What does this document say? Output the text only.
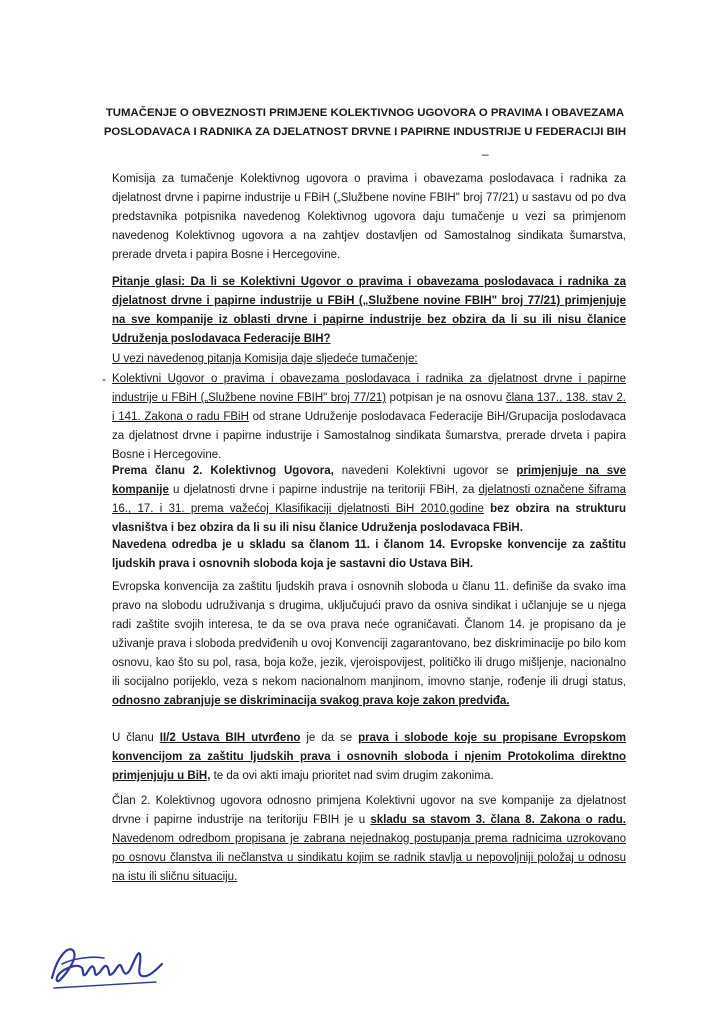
TUMAČENJE O OBVEZNOSTI PRIMJENE KOLEKTIVNOG UGOVORA O PRAVIMA I OBAVEZAMA POSLODAVACA I RADNIKA ZA DJELATNOST DRVNE I PAPIRNE INDUSTRIJE U FEDERACIJI BIH
–

Komisija za tumačenje Kolektivnog ugovora o pravima i obavezama poslodavaca i radnika za djelatnost drvne i papirne industrije u FBiH („Službene novine FBIH" broj 77/21) u sastavu od po dva predstavnika potpisnika navedenog Kolektivnog ugovora daju tumačenje u vezi sa primjenom navedenog Kolektivnog ugovora a na zahtjev dostavljen od Samostalnog sindikata šumarstva, prerade drveta i papira Bosne i Hercegovine.

Pitanje glasi: Da li se Kolektivni Ugovor o pravima i obavezama poslodavaca i radnika za djelatnost drvne i papirne industrije u FBiH („Službene novine FBIH" broj 77/21) primjenjuje na sve kompanije iz oblasti drvne i papirne industrije bez obzira da li su ili nisu članice Udruženja poslodavaca Federacije BIH?

U vezi navedenog pitanja Komisija daje sljedeće tumačenje:

- Kolektivni Ugovor o pravima i obavezama poslodavaca i radnika za djelatnost drvne i papirne industrije u FBiH („Službene novine FBIH" broj 77/21) potpisan je na osnovu člana 137., 138. stav 2. i 141. Zakona o radu FBiH od strane Udruženje poslodavaca Federacije BiH/Grupacija poslodavaca za djelatnost drvne i papirne industrije i Samostalnog sindikata šumarstva, prerade drveta i papira Bosne i Hercegovine.

Prema članu 2. Kolektivnog Ugovora, navedeni Kolektivni ugovor se primjenjuje na sve kompanije u djelatnosti drvne i papirne industrije na teritoriji FBiH, za djelatnosti označene šiframa 16., 17. i 31. prema važećoj Klasifikaciji djelatnosti BiH 2010.godine bez obzira na strukturu vlasništva i bez obzira da li su ili nisu članice Udruženja poslodavaca FBiH.

Navedena odredba je u skladu sa članom 11. i članom 14. Evropske konvencije za zaštitu ljudskih prava i osnovnih sloboda koja je sastavni dio Ustava BiH.

Evropska konvencija za zaštitu ljudskih prava i osnovnih sloboda u članu 11. definiše da svako ima pravo na slobodu udruživanja s drugima, uključujući pravo da osniva sindikat i učlanjuje se u njega radi zaštite svojih interesa, te da se ova prava neće ograničavati. Članom 14. je propisano da je uživanje prava i sloboda predviđenih u ovoj Konvenciji zagarantovano, bez diskriminacije po bilo kom osnovu, kao što su pol, rasa, boja kože, jezik, vjeroispovijest, političko ili drugo mišljenje, nacionalno ili socijalno porijeklo, veza s nekom nacionalnom manjinom, imovno stanje, rođenje ili drugi status, odnosno zabranjuje se diskriminacija svakog prava koje zakon predviđa.

U članu II/2 Ustava BIH utvrđeno je da se prava i slobode koje su propisane Evropskom konvencijom za zaštitu ljudskih prava i osnovnih sloboda i njenim Protokolima direktno primjenjuju u BiH, te da ovi akti imaju prioritet nad svim drugim zakonima.

Član 2. Kolektivnog ugovora odnosno primjena Kolektivni ugovor na sve kompanije za djelatnost drvne i papirne industrije na teritoriju FBIH je u skladu sa stavom 3. člana 8. Zakona o radu. Navedenom odredbom propisana je zabrana nejednakog postupanja prema radnicima uzrokovano po osnovu članstva ili nečlanstva u sindikatu kojim se radnik stavlja u nepovoljniji položaj u odnosu na istu ili sličnu situaciju.
